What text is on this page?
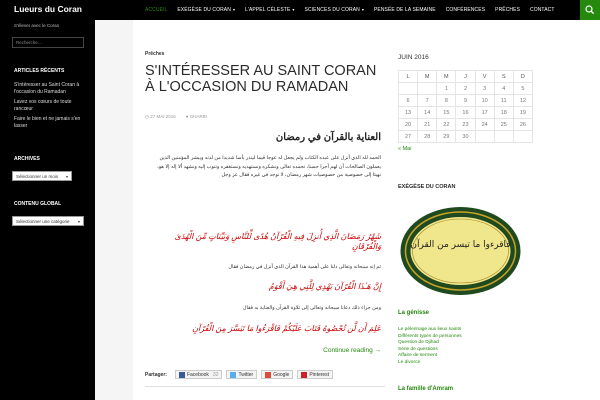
Lueurs du Coran	ACCUEIL	EXÉGÈSE DU CORAN ▾	L'APPEL CÉLESTE ▾	SCIENCES DU CORAN ▾	PENSÉE DE LA SEMAINE	CONFÉRENCES	PRÊCHES	CONTACT
S'élever avec le Coran
Recherche…
ARTICLES RÉCENTS
S'intéresser au Saint Coran à l'occasion du Ramadan
Lavez vos cœurs de toute rancœur
Faire le bien et ne jamais s'en lasser
ARCHIVES
Sélectionner un mois ▾
CONTENU GLOBAL
Sélectionner une catégorie ▾
Prêches
S'INTÉRESSER AU SAINT CORAN À L'OCCASION DU RAMADAN
◷ 27 MAI 2016 ● GHARBI
العناية بالقرآن في رمضان
الحمد لله الذي أنزل على عبده الكتاب ولم يجعل له عوجا قيما لينذر بأسا شديدا من لدنه ويبشر المؤمنين الذين يعملون الصالحات أن لهم أجرا حسنا، نحمده تعالى ونشكره ونستهديه ونستغفره ونتوب إليه ونشهد ألا إله إلا هو، نهيئا إلى خصوصية من خصوصيات شهر رمضان، لا نوجد في غيره فقال عز وجل
شَهْرُ رَمَضَانَ الَّذِي أُنزِلَ فِيهِ الْقُرْآنُ هُدًى لِّلنَّاسِ وَبَيِّنَاتٍ مِّنَ الْهُدَىٰ وَالْفُرْقَانِ
ثم إنه سبحانه وتعالى دلنا على أهمية هذا القرآن الذي أنزل في رمضان فقال
إِنَّ هَـٰذَا الْقُرْآنَ يَهْدِي لِلَّتِي هِيَ أَقْوَمُ
ومن جراء ذلك دعانا سبحانه وتعالى إلى تلاوة القرآن والعناية به فقال
عَلِمَ أَن لَّن تُحْصُوهُ فَتَابَ عَلَيْكُمْ فَاقْرَءُوا مَا تَيَسَّرَ مِنَ الْقُرْآنِ
Continue reading →
Partager:	Facebook 32	Twitter	Google	Pinterest
JUIN 2016
L	M	M	J	V	S	D
		1	2	3	4	5
6	7	8	9	10	11	12
13	14	15	16	17	18	19
20	21	22	23	24	25	26
27	28	29	30			
« Mai
EXÉGÈSE DU CORAN
فاقرءوا ما تيسر من القرآن
La génisse
Le pèlerinage aux lieux saints
Différents types de personnes
Question de Djihad
Série de questions
Affaire de serment
Le divorce
La famille d'Amram
